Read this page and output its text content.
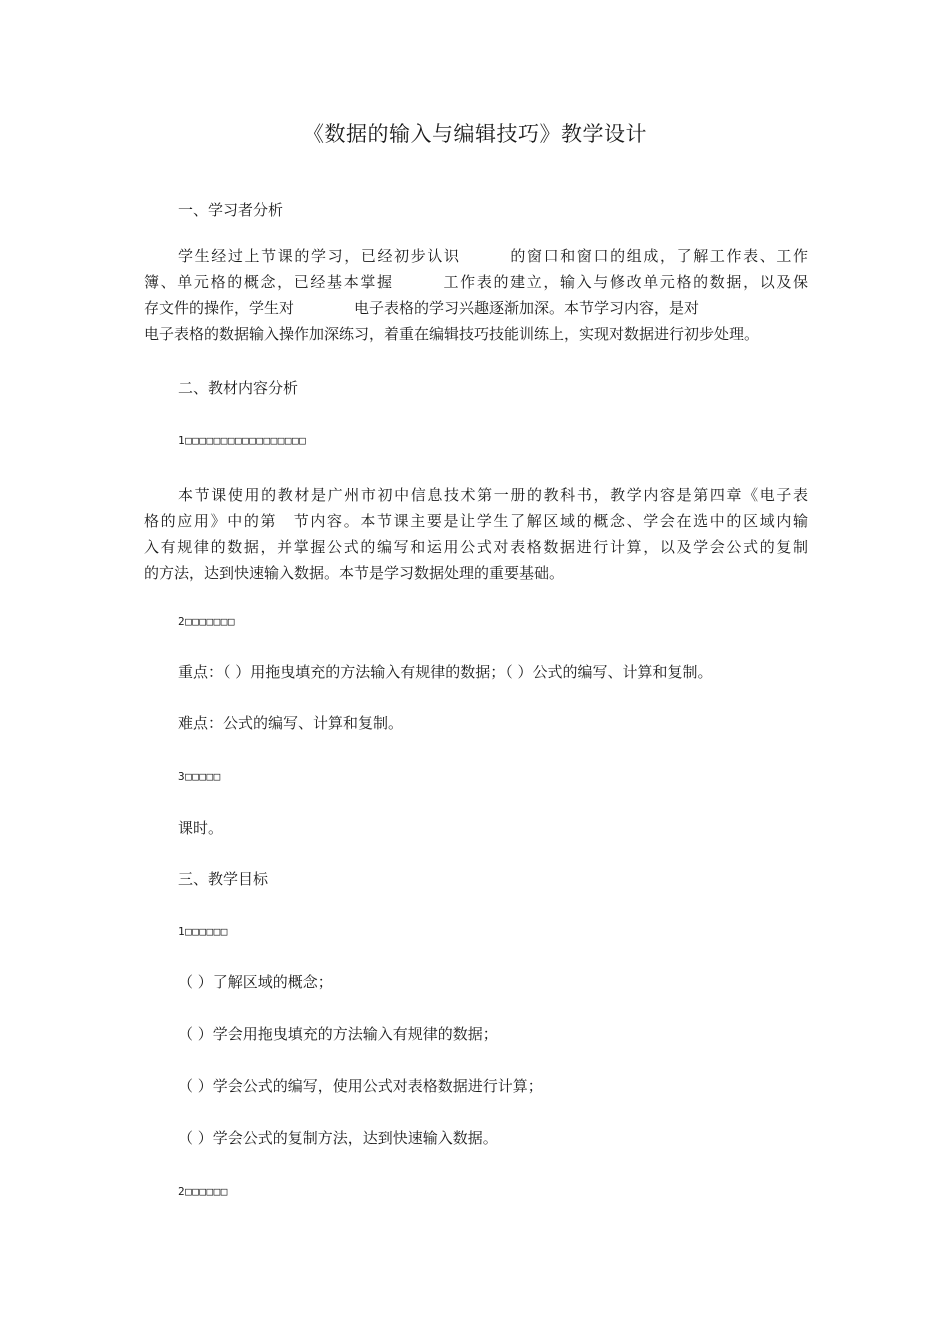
《数据的输入与编辑技巧》教学设计
一、学习者分析
学生经过上节课的学习，已经初步认识　　　的窗口和窗口的组成，了解工作表、工作
簿、单元格的概念，已经基本掌握　　　工作表的建立，输入与修改单元格的数据，以及保
存文件的操作，学生对　　　　电子表格的学习兴趣逐渐加深。本节学习内容，是对
电子表格的数据输入操作加深练习，着重在编辑技巧技能训练上，实现对数据进行初步处理。
二、教材内容分析
1□□□□□□□□□□□□□□□□□
本节课使用的教材是广州市初中信息技术第一册的教科书，教学内容是第四章《电子表
格的应用》中的第　节内容。本节课主要是让学生了解区域的概念、学会在选中的区域内输
入有规律的数据，并掌握公式的编写和运用公式对表格数据进行计算，以及学会公式的复制
的方法，达到快速输入数据。本节是学习数据处理的重要基础。
2□□□□□□□
重点：（ ）用拖曳填充的方法输入有规律的数据；（ ）公式的编写、计算和复制。
难点：公式的编写、计算和复制。
3□□□□□
课时。
三、教学目标
1□□□□□□
（ ）了解区域的概念；
（ ）学会用拖曳填充的方法输入有规律的数据；
（ ）学会公式的编写，使用公式对表格数据进行计算；
（ ）学会公式的复制方法，达到快速输入数据。
2□□□□□□
